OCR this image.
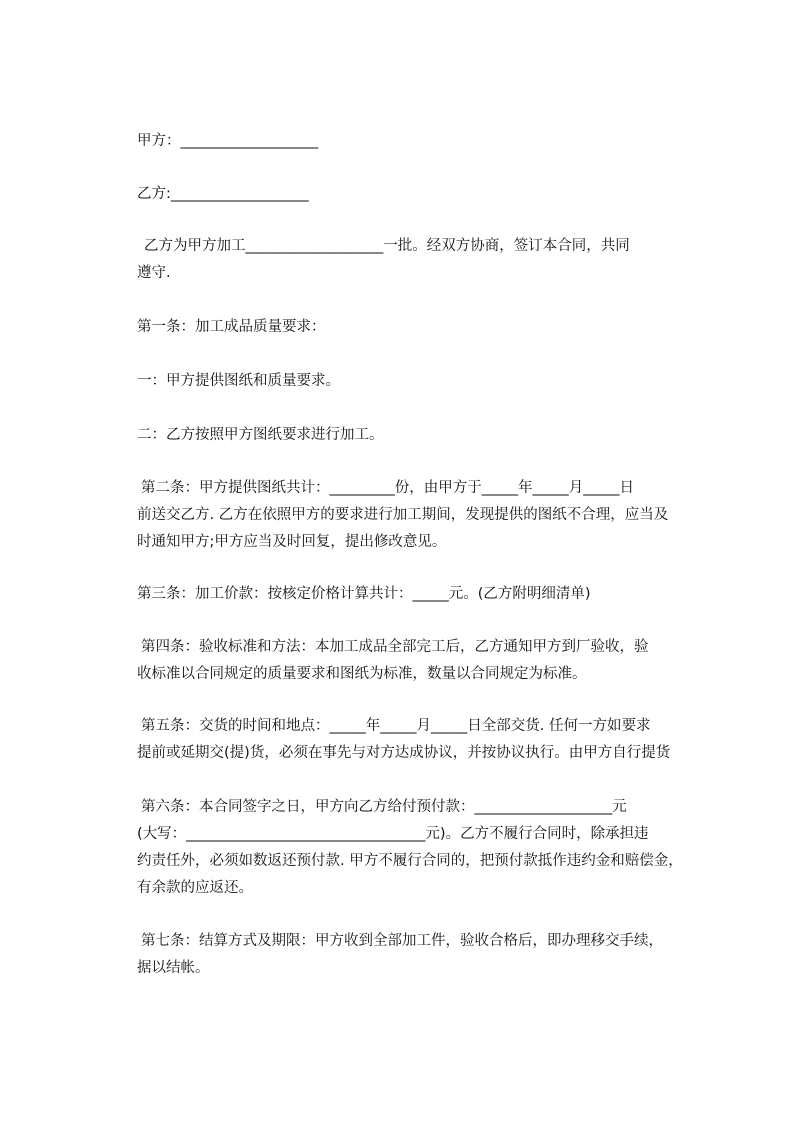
甲方：___________________
乙方:___________________
乙方为甲方加工___________________一批。经双方协商，签订本合同，共同
遵守.
第一条：加工成品质量要求：
一：甲方提供图纸和质量要求。
二：乙方按照甲方图纸要求进行加工。
第二条：甲方提供图纸共计：_________份，由甲方于_____年_____月_____日
前送交乙方. 乙方在依照甲方的要求进行加工期间，发现提供的图纸不合理，应当及
时通知甲方;甲方应当及时回复，提出修改意见。
第三条：加工价款：按核定价格计算共计：_____元。(乙方附明细清单)
第四条：验收标准和方法：本加工成品全部完工后，乙方通知甲方到厂验收，验
收标准以合同规定的质量要求和图纸为标准，数量以合同规定为标准。
第五条：交货的时间和地点：_____年_____月_____日全部交货. 任何一方如要求
提前或延期交(提)货，必须在事先与对方达成协议，并按协议执行。由甲方自行提货
第六条：本合同签字之日，甲方向乙方给付预付款：___________________元
(大写：_________________________________元)。乙方不履行合同时，除承担违
约责任外，必须如数返还预付款. 甲方不履行合同的，把预付款抵作违约金和赔偿金，
有余款的应返还。
第七条：结算方式及期限：甲方收到全部加工件，验收合格后，即办理移交手续，
据以结帐。
